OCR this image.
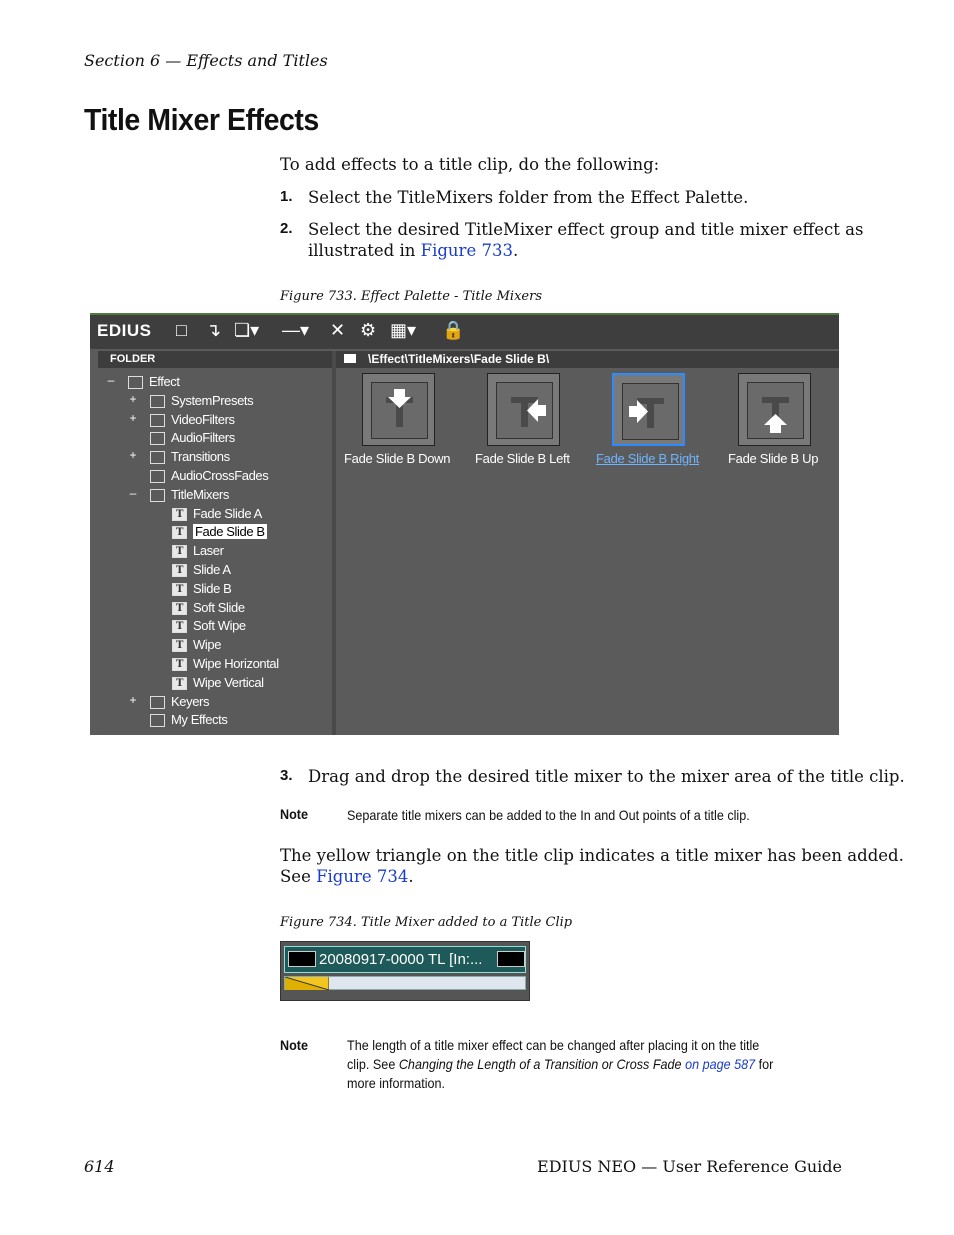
Section 6 — Effects and Titles
Title Mixer Effects
To add effects to a title clip, do the following:
1. Select the TitleMixers folder from the Effect Palette.
2. Select the desired TitleMixer effect group and title mixer effect as
illustrated in Figure 733.
Figure 733. Effect Palette - Title Mixers
EDIUS □ ↴ ❏▾ —▾ ✕ ⚙ ▦▾ 🔒
FOLDER
–	Effect
+	SystemPresets
+	VideoFilters
AudioFilters
+	Transitions
AudioCrossFades
–	TitleMixers
T Fade Slide A
T Fade Slide B
T Laser
T Slide A
T Slide B
T Soft Slide
T Soft Wipe
T Wipe
T Wipe Horizontal
T Wipe Vertical
+	Keyers
My Effects
\Effect\TitleMixers\Fade Slide B\
Fade Slide B Down Fade Slide B Left Fade Slide B Right Fade Slide B Up
3. Drag and drop the desired title mixer to the mixer area of the title clip.
Note	Separate title mixers can be added to the In and Out points of a title clip.
The yellow triangle on the title clip indicates a title mixer has been added.
See Figure 734.
Figure 734. Title Mixer added to a Title Clip
20080917-0000 TL [In:...
Note	The length of a title mixer effect can be changed after placing it on the title
clip. See Changing the Length of a Transition or Cross Fade on page 587 for
more information.
614	EDIUS NEO — User Reference Guide
